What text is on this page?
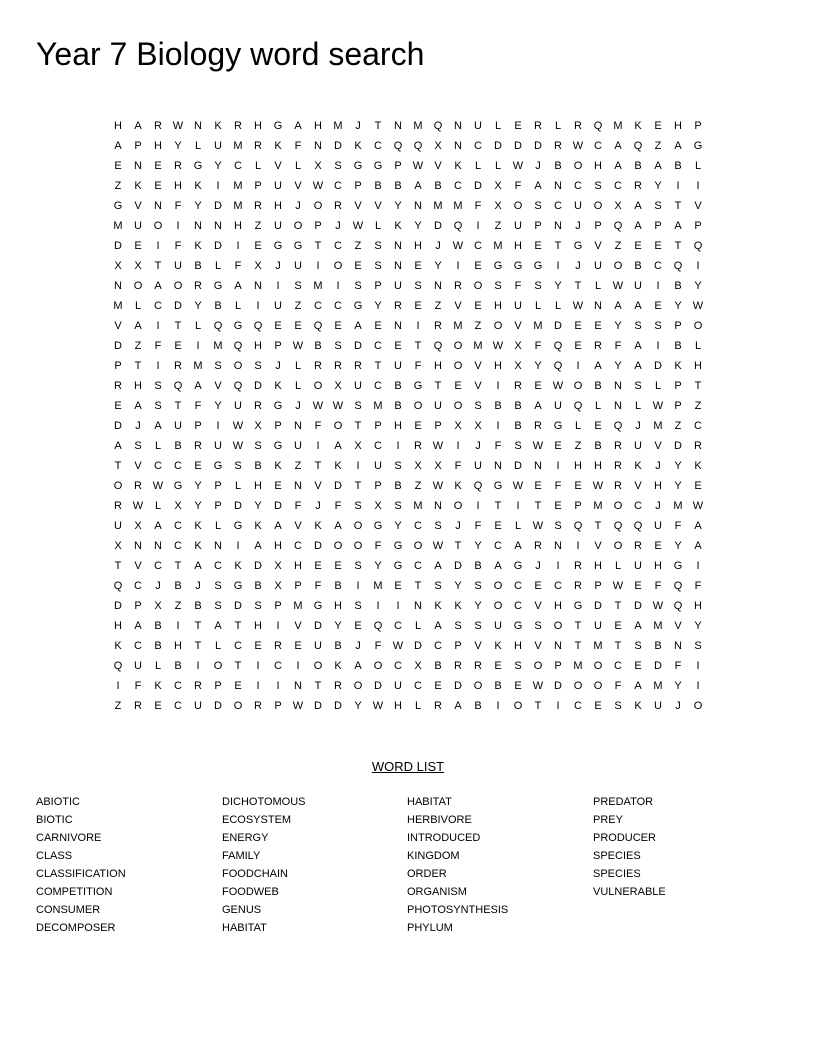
Year 7 Biology word search
H	A	R W N	K	R	H	G	A	H	M	J	T	N	M	Q	N	U	L	E	R	L	R	Q	M	K	E	H	P
A	P	H	Y	L	U	M	R	K	F	N	D	K	C	Q	Q	X	N	C	D	D	D	R W C	A	Q	Z	A	G
E	N	E	R	G	Y	C	L	V	L	X	S	G	G	P	W	V	K	L	L	W	J	B	O	H	A	B	A	B	L
Z	K	E	H	K	I	M	P	U	V	W C	P	B	B	A	B	C	D	X	F	A	N	C	S	C	R	Y	I	I
G	V	N	F	Y	D	M	R	H	J	O	R	V	V	Y	N	M M	F	X	O	S	C	U	O	X	A	S	T	V
M	U	O	I	N	N	H	Z	U	O	P	J	W	L	K	Y	D	Q	I	Z	U	P	N	J	P	Q	A	P	A	P
D	E	I	F	K	D	I	E	G	G	T	C	Z	S	N	H	J	W C	M	H	E	T	G	V	Z	E	E	T	Q
X	X	T	U	B	L	F	X	J	U	I	O	E	S	N	E	Y	I	E	G	G	G	I	J	U	O	B	C	Q	I
N	O	A	O	R	G	A	N	I	S	M	I	S	P	U	S	N	R	O	S	F	S	Y	T	L	W U	I	B	Y
M	L	C	D	Y	B	L	I	U	Z	C	C	G	Y	R	E	Z	V	E	H	U	L	L	W N	A	A	E	Y	W
V	A	I	T	L	Q	G	Q	E	E	Q	E	A	E	N	I	R	M	Z	O	V	M	D	E	E	Y	S	S	P	O
D	Z	F	E	I	M	Q	H	P	W	B	S	D	C	E	T	Q	O	M W	X	F	Q	E	R	F	A	I	B	L
P	T	I	R	M	S	O	S	J	L	R	R	R	T	U	F	H	O	V	H	X	Y	Q	I	A	Y	A	D	K	H
R	H	S	Q	A	V	Q	D	K	L	O	X	U	C	B	G	T	E	V	I	R	E	W O	B	N	S	L	P	T
E	A	S	T	F	Y	U	R	G	J	W W	S	M	B	O	U	O	S	B	B	A	U	Q	L	N	L	W	P	Z
D	J	A	U	P	I	W	X	P	N	F	O	T	P	H	E	P	X	X	I	B	R	G	L	E	Q	J	M	Z	C
A	S	L	B	R	U W	S	G	U	I	A	X	C	I	R W	I	J	F	S	W	E	Z	B	R	U	V	D	R
T	V	C	C	E	G	S	B	K	Z	T	K	I	U	S	X	X	F	U	N	D	N	I	H	H	R	K	J	Y	K
O	R W G	Y	P	L	H	E	N	V	D	T	P	B	Z	W	K	Q	G W	E	F	E	W R	V	H	Y	E
R W	L	X	Y	P	D	Y	D	F	J	F	S	X	S	M	N	O	I	T	I	T	E	P	M	O	C	J	M W
U	X	A	C	K	L	G	K	A	V	K	A	O	G	Y	C	S	J	F	E	L	W	S	Q	T	Q	Q	U	F	A
X	N	N	C	K	N	I	A	H	C	D	O	O	F	G	O W	T	Y	C	A	R	N	I	V	O	R	E	Y	A
T	V	C	T	A	C	K	D	X	H	E	E	S	Y	G	C	A	D	B	A	G	J	I	R	H	L	U	H	G	I
Q	C	J	B	J	S	G	B	X	P	F	B	I	M	E	T	S	Y	S	O	C	E	C	R	P	W	E	F	Q	F
D	P	X	Z	B	S	D	S	P	M	G	H	S	I	I	N	K	K	Y	O	C	V	H	G	D	T	D W Q	H
H	A	B	I	T	A	T	H	I	V	D	Y	E	Q	C	L	A	S	S	U	G	S	O	T	U	E	A	M	V	Y
K	C	B	H	T	L	C	E	R	E	U	B	J	F	W D	C	P	V	K	H	V	N	T	M	T	S	B	N	S
Q	U	L	B	I	O	T	I	C	I	O	K	A	O	C	X	B	R	R	E	S	O	P	M	O	C	E	D	F	I
I	F	K	C	R	P	E	I	I	N	T	R	O	D	U	C	E	D	O	B	E	W D	O	O	F	A	M	Y	I
Z	R	E	C	U	D	O	R	P	W D	D	Y	W H	L	R	A	B	I	O	T	I	C	E	S	K	U	J	O
WORD LIST
ABIOTIC
BIOTIC
CARNIVORE
CLASS
CLASSIFICATION
COMPETITION
CONSUMER
DECOMPOSER
DICHOTOMOUS
ECOSYSTEM
ENERGY
FAMILY
FOODCHAIN
FOODWEB
GENUS
HABITAT
HABITAT
HERBIVORE
INTRODUCED
KINGDOM
ORDER
ORGANISM
PHOTOSYNTHESIS
PHYLUM
PREDATOR
PREY
PRODUCER
SPECIES
SPECIES
VULNERABLE
